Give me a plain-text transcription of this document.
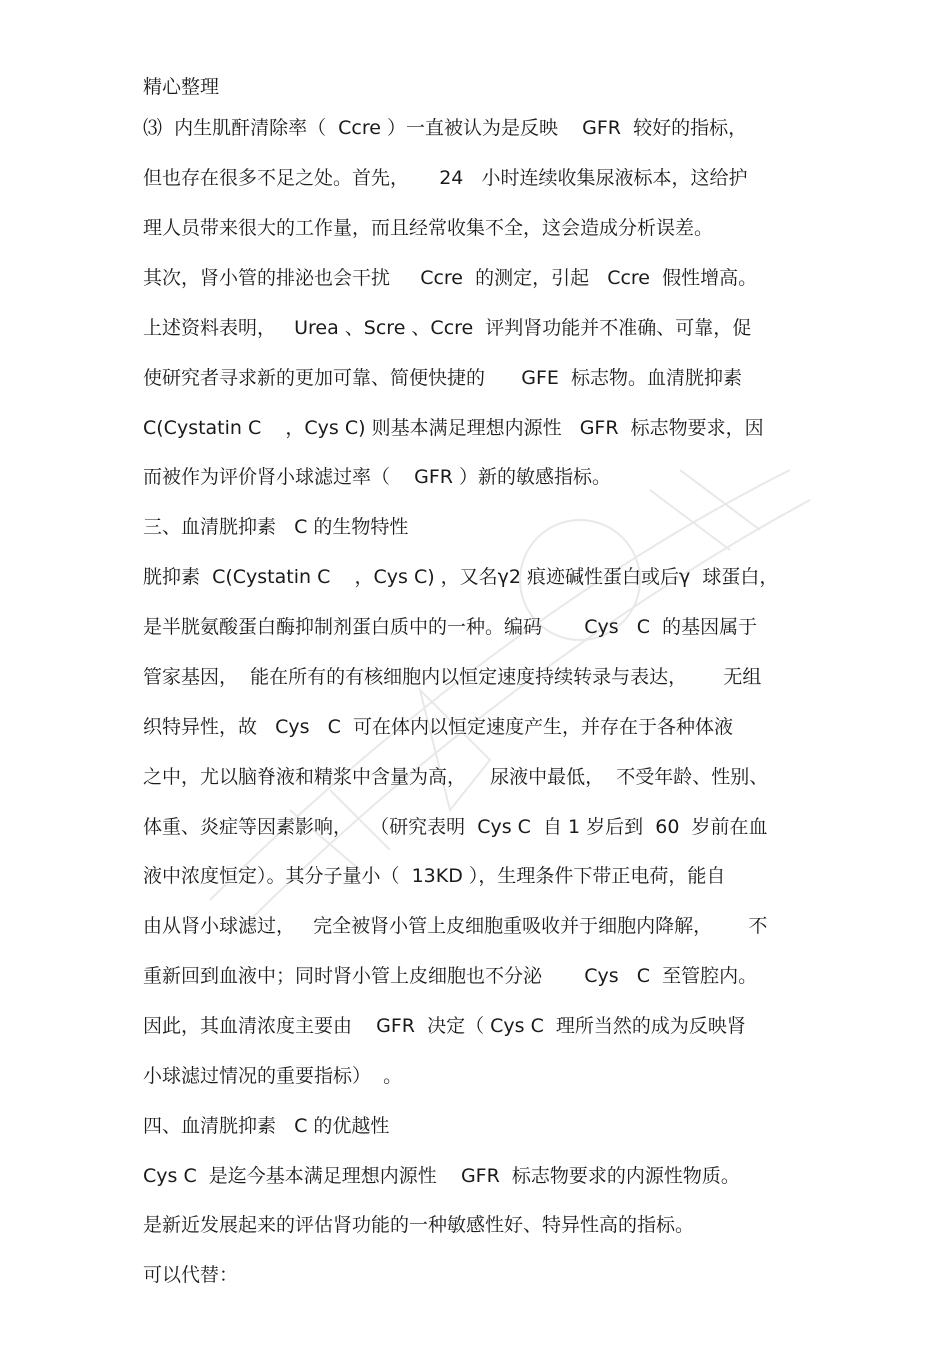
精心整理

⑶  内生肌酐清除率（  Ccre ）一直被认为是反映    GFR  较好的指标，

但也存在很多不足之处。首先，     24   小时连续收集尿液标本，这给护

理人员带来很大的工作量，而且经常收集不全，这会造成分析误差。

其次，肾小管的排泌也会干扰     Ccre  的测定，引起   Ccre  假性增高。

上述资料表明，   Urea 、Scre 、Ccre  评判肾功能并不准确、可靠，促

使研究者寻求新的更加可靠、简便快捷的      GFE  标志物。血清胱抑素

C(Cystatin C    ，Cys C) 则基本满足理想内源性   GFR  标志物要求，因

而被作为评价肾小球滤过率（    GFR ）新的敏感指标。

三、血清胱抑素   C 的生物特性

胱抑素  C(Cystatin C    ，Cys C) ，又名γ2 痕迹碱性蛋白或后γ  球蛋白，

是半胱氨酸蛋白酶抑制剂蛋白质中的一种。编码       Cys   C  的基因属于

管家基因，  能在所有的有核细胞内以恒定速度持续转录与表达，      无组

织特异性，故   Cys   C  可在体内以恒定速度产生，并存在于各种体液

之中，尤以脑脊液和精浆中含量为高，    尿液中最低，  不受年龄、性别、

体重、炎症等因素影响，   （研究表明  Cys C  自 1 岁后到  60  岁前在血

液中浓度恒定）。其分子量小（  13KD ），生理条件下带正电荷，能自

由从肾小球滤过，   完全被肾小管上皮细胞重吸收并于细胞内降解，      不

重新回到血液中；同时肾小管上皮细胞也不分泌       Cys   C  至管腔内。

因此，其血清浓度主要由    GFR  决定（ Cys C  理所当然的成为反映肾

小球滤过情况的重要指标）  。

四、血清胱抑素   C 的优越性

Cys C  是迄今基本满足理想内源性    GFR  标志物要求的内源性物质。

是新近发展起来的评估肾功能的一种敏感性好、特异性高的指标。

可以代替：
